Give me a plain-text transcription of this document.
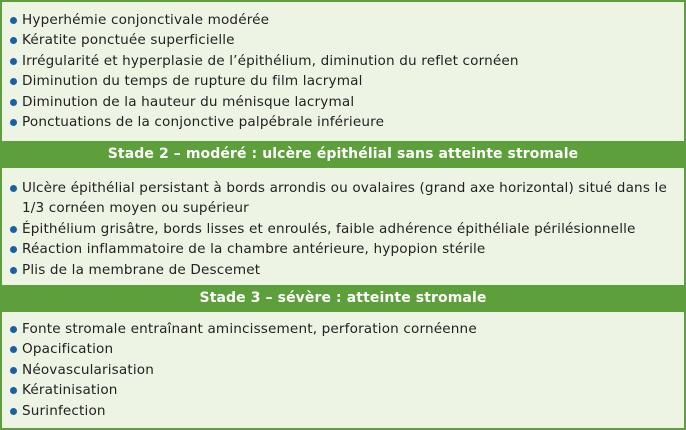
Hyperhémie conjonctivale modérée
Kératite ponctuée superficielle
Irrégularité et hyperplasie de l’épithélium, diminution du reflet cornéen
Diminution du temps de rupture du film lacrymal
Diminution de la hauteur du ménisque lacrymal
Ponctuations de la conjonctive palpébrale inférieure
Stade 2 – modéré : ulcère épithélial sans atteinte stromale
Ulcère épithélial persistant à bords arrondis ou ovalaires (grand axe horizontal) situé dans le 1/3 cornéen moyen ou supérieur
Épithélium grisâtre, bords lisses et enroulés, faible adhérence épithéliale périlésionnelle
Réaction inflammatoire de la chambre antérieure, hypopion stérile
Plis de la membrane de Descemet
Stade 3 – sévère : atteinte stromale
Fonte stromale entraînant amincissement, perforation cornéenne
Opacification
Néovascularisation
Kératinisation
Surinfection
